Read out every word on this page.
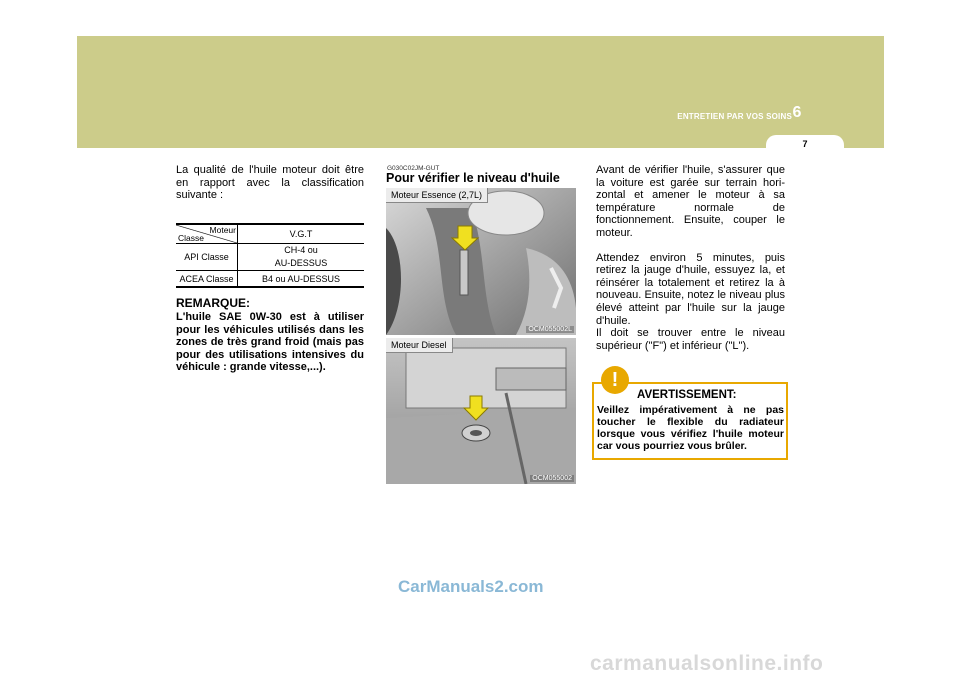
ENTRETIEN PAR VOS SOINS 6
7
La qualité de l'huile moteur doit être en rapport avec la classification suivante :
Moteur
Classe	V.G.T
API Classe	CH-4 ou
AU-DESSUS

ACEA Classe	B4 ou AU-DESSUS
REMARQUE:
L'huile SAE 0W-30 est à utiliser pour les véhicules utilisés dans les zones de très grand froid (mais pas pour des utilisations intensives du véhicule : grande vitesse,...).
G030C02JM-GUT
Pour vérifier le niveau d'huile
Moteur Essence (2,7L)
OCM055002L
Moteur Diesel
OCM055002
Avant de vérifier l'huile, s'assurer que la voiture est garée sur terrain hori-zontal et amener le moteur à sa température normale de fonctionnement. Ensuite, couper le moteur.
Attendez environ 5 minutes, puis retirez la jauge d'huile, essuyez la, et réinsérer la totalement et retirez la à nouveau. Ensuite, notez le niveau plus élevé atteint par l'huile sur la jauge d'huile.
Il doit se trouver entre le niveau supérieur ("F") et inférieur ("L").
!
AVERTISSEMENT:
Veillez impérativement à ne pas toucher le flexible du radiateur lorsque vous vérifiez l'huile moteur car vous pourriez vous brûler.
CarManuals2.com
carmanualsonline.info
